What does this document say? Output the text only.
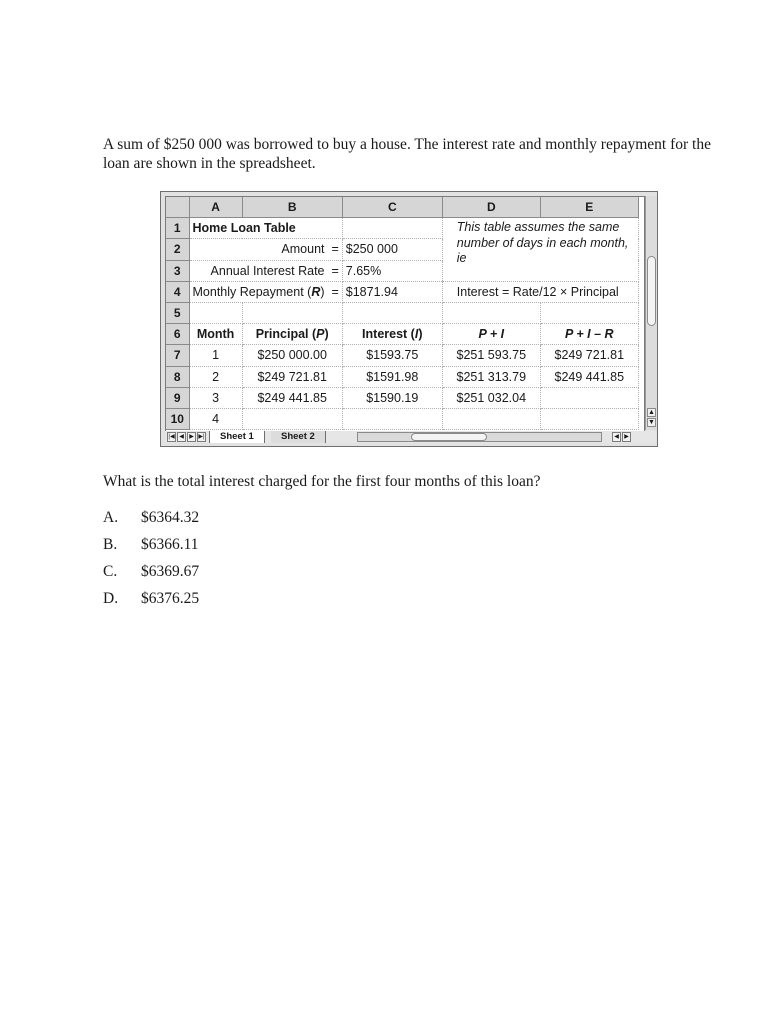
A sum of $250 000 was borrowed to buy a house. The interest rate and monthly repayment for the loan are shown in the spreadsheet.

	A	B	C	D	E
1	Home Loan Table			This table assumes the same number of days in each month, ie	
2	Amount =		$250 000		
3	Annual Interest Rate =		7.65%		
4	Monthly Repayment (R) =		$1871.94	Interest = Rate/12 × Principal	
5					
6	Month	Principal (P)	Interest (I)	P + I	P + I – R
7	1	$250 000.00	$1593.75	$251 593.75	$249 721.81
8	2	$249 721.81	$1591.98	$251 313.79	$249 441.85
9	3	$249 441.85	$1590.19	$251 032.04	
10	4					▲
▼
|◀ ◀ ▶ ▶|	Sheet 1	Sheet 2	◀ ▶

What is the total interest charged for the first four months of this loan?

A. $6364.32
B. $6366.11
C. $6369.67
D. $6376.25
